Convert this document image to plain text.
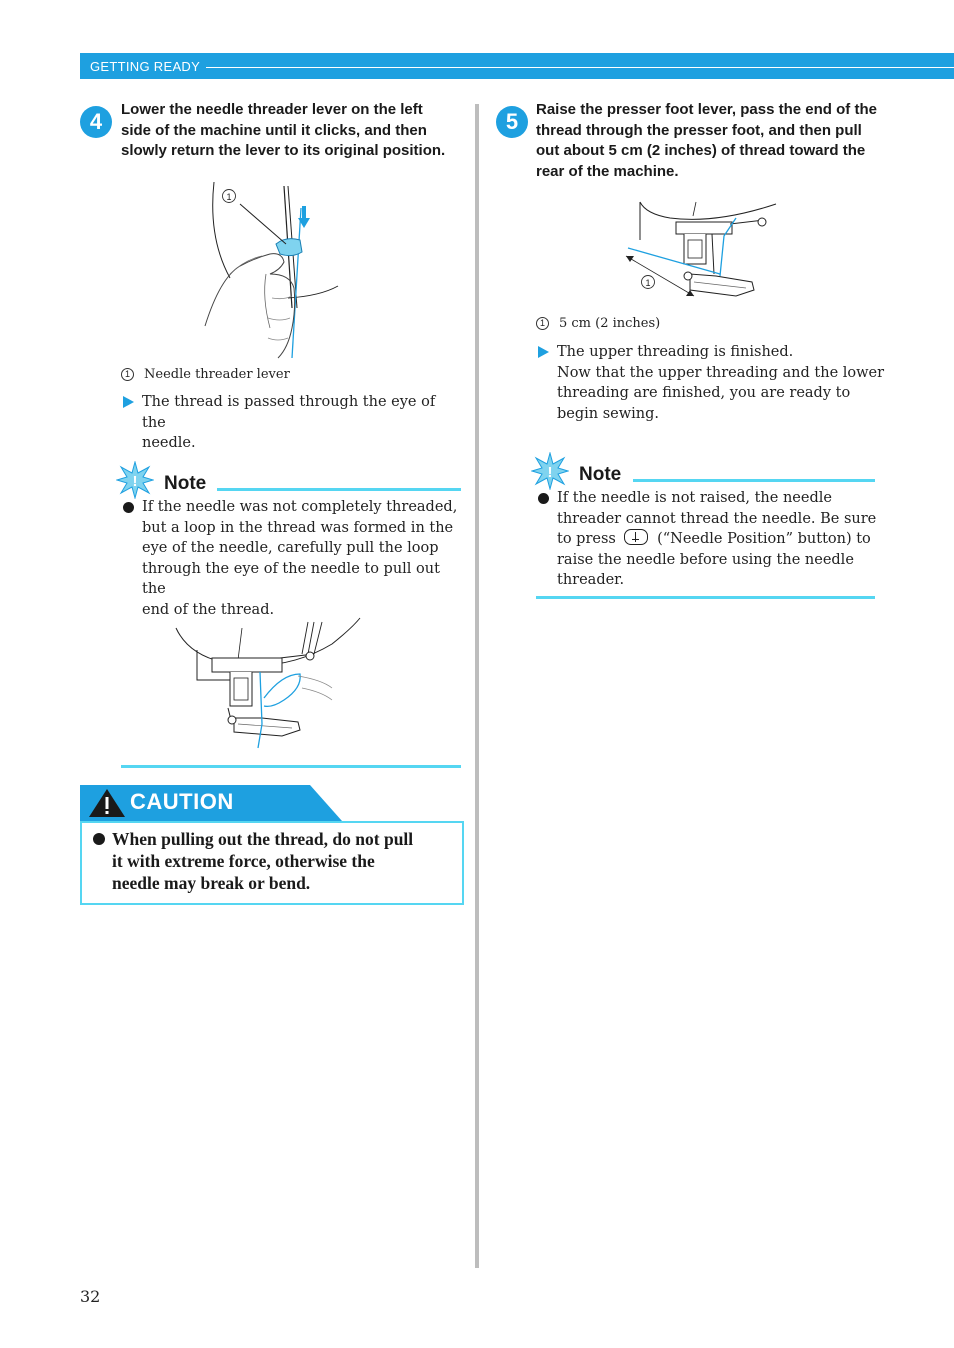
GETTING READY
4	Lower the needle threader lever on the left
side of the machine until it clicks, and then
slowly return the lever to its original position.
1
1 Needle threader lever
The thread is passed through the eye of the
needle.
! Note
If the needle was not completely threaded,
but a loop in the thread was formed in the
eye of the needle, carefully pull the loop
through the eye of the needle to pull out the
end of the thread.
CAUTION
When pulling out the thread, do not pull
it with extreme force, otherwise the
needle may break or bend.
5	Raise the presser foot lever, pass the end of the
thread through the presser foot, and then pull
out about 5 cm (2 inches) of thread toward the
rear of the machine.
1
1 5 cm (2 inches)
The upper threading is finished.
Now that the upper threading and the lower
threading are finished, you are ready to
begin sewing.
! Note
If the needle is not raised, the needle
threader cannot thread the needle. Be sure
to press	(“Needle Position” button) to
raise the needle before using the needle
threader.
32
